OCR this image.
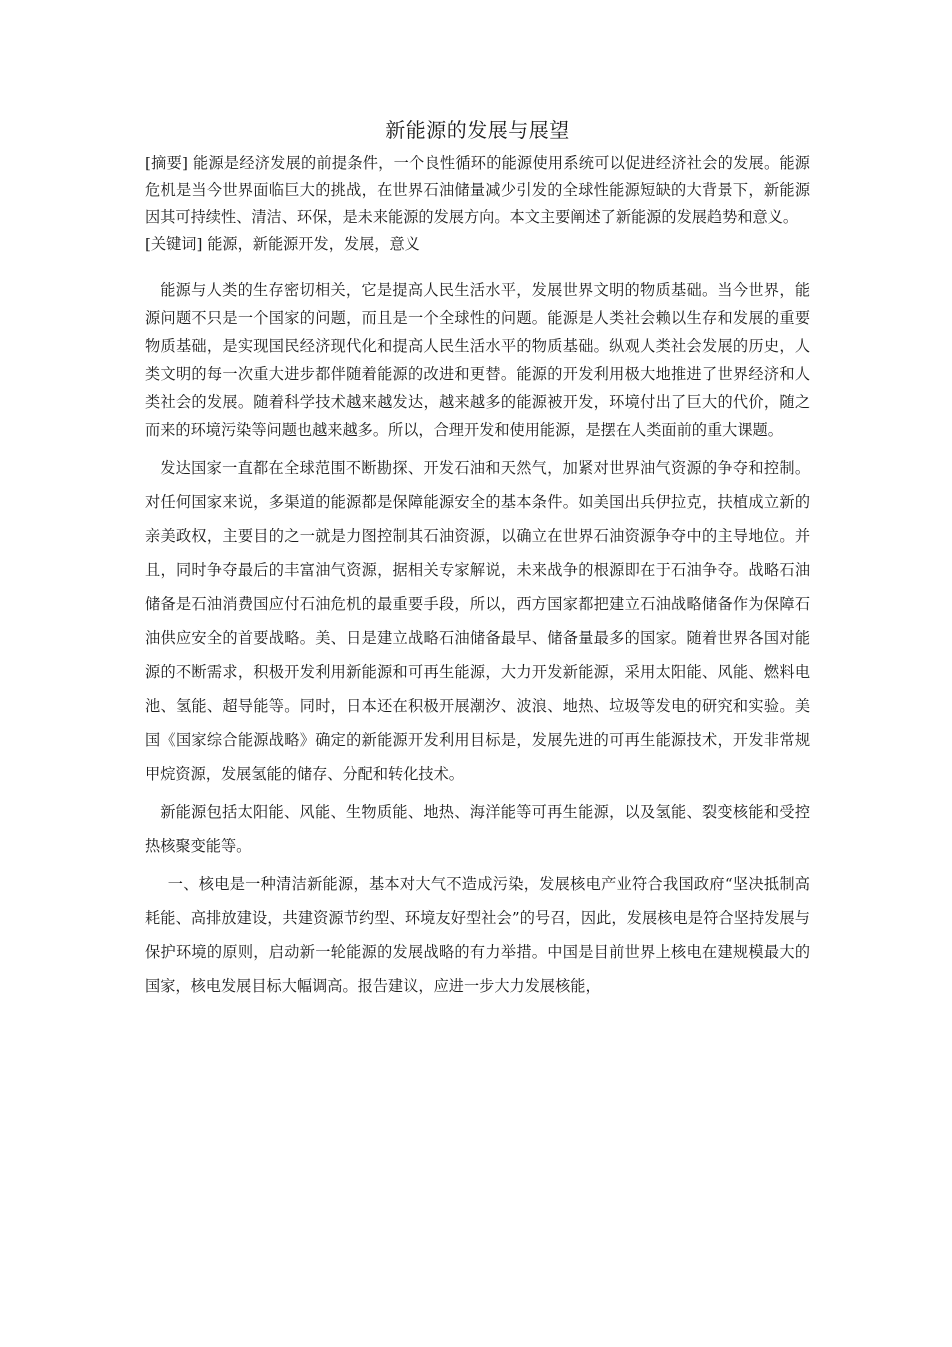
新能源的发展与展望

[摘要] 能源是经济发展的前提条件，一个良性循环的能源使用系统可以促进经济社会的发展。能源危机是当今世界面临巨大的挑战，在世界石油储量减少引发的全球性能源短缺的大背景下，新能源因其可持续性、清洁、环保，是未来能源的发展方向。本文主要阐述了新能源的发展趋势和意义。

[关键词] 能源，新能源开发，发展，意义

能源与人类的生存密切相关，它是提高人民生活水平，发展世界文明的物质基础。当今世界，能源问题不只是一个国家的问题，而且是一个全球性的问题。能源是人类社会赖以生存和发展的重要物质基础，是实现国民经济现代化和提高人民生活水平的物质基础。纵观人类社会发展的历史，人类文明的每一次重大进步都伴随着能源的改进和更替。能源的开发利用极大地推进了世界经济和人类社会的发展。随着科学技术越来越发达，越来越多的能源被开发，环境付出了巨大的代价，随之而来的环境污染等问题也越来越多。所以，合理开发和使用能源，是摆在人类面前的重大课题。

发达国家一直都在全球范围不断勘探、开发石油和天然气，加紧对世界油气资源的争夺和控制。对任何国家来说，多渠道的能源都是保障能源安全的基本条件。如美国出兵伊拉克，扶植成立新的亲美政权，主要目的之一就是力图控制其石油资源，以确立在世界石油资源争夺中的主导地位。并且，同时争夺最后的丰富油气资源，据相关专家解说，未来战争的根源即在于石油争夺。战略石油储备是石油消费国应付石油危机的最重要手段，所以，西方国家都把建立石油战略储备作为保障石油供应安全的首要战略。美、日是建立战略石油储备最早、储备量最多的国家。随着世界各国对能源的不断需求，积极开发利用新能源和可再生能源，大力开发新能源，采用太阳能、风能、燃料电池、氢能、超导能等。同时，日本还在积极开展潮汐、波浪、地热、垃圾等发电的研究和实验。美国《国家综合能源战略》确定的新能源开发利用目标是，发展先进的可再生能源技术，开发非常规甲烷资源，发展氢能的储存、分配和转化技术。

新能源包括太阳能、风能、生物质能、地热、海洋能等可再生能源，以及氢能、裂变核能和受控热核聚变能等。

一、核电是一种清洁新能源，基本对大气不造成污染，发展核电产业符合我国政府“坚决抵制高耗能、高排放建设，共建资源节约型、环境友好型社会”的号召，因此，发展核电是符合坚持发展与保护环境的原则，启动新一轮能源的发展战略的有力举措。中国是目前世界上核电在建规模最大的国家，核电发展目标大幅调高。报告建议，应进一步大力发展核能，
